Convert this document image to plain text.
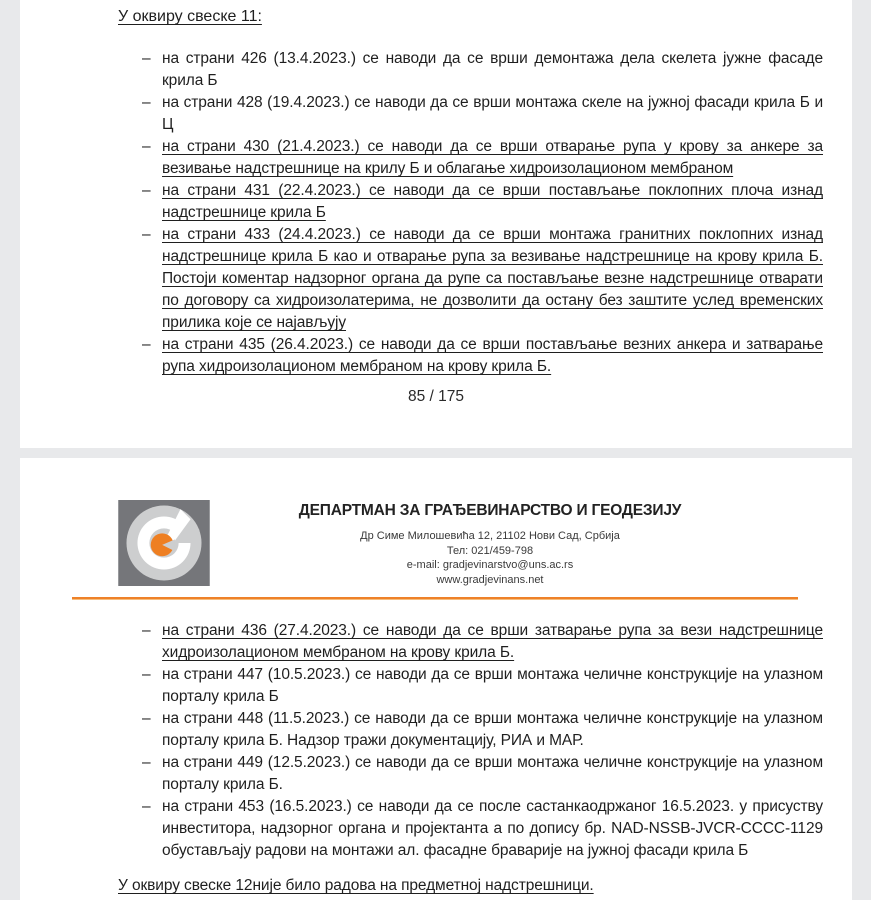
У оквиру свеске 11:
– на страни 426 (13.4.2023.) се наводи да се врши демонтажа дела скелета јужне фасаде крила Б
– на страни 428 (19.4.2023.) се наводи да се врши монтажа скеле на јужној фасади крила Б и Ц
– на страни 430 (21.4.2023.) се наводи да се врши отварање рупа у крову за анкере за везивање надстрешнице на крилу Б и облагање хидроизолационом мембраном
– на страни 431 (22.4.2023.) се наводи да се врши постављање поклопних плоча изнад надстрешнице крила Б
– на страни 433 (24.4.2023.) се наводи да се врши монтажа гранитних поклопних изнад надстрешнице крила Б као и отварање рупа за везивање надстрешнице на крову крила Б. Постоји коментар надзорног органа да рупе са постављање везне надстрешнице отварати по договору са хидроизолатерима, не дозволити да остану без заштите услед временских прилика које се најављују
– на страни 435 (26.4.2023.) се наводи да се врши постављање везних анкера и затварање рупа хидроизолационом мембраном на крову крила Б.
85 / 175
ДЕПАРТМАН ЗА ГРАЂЕВИНАРСТВО И ГЕОДЕЗИЈУ
Др Симе Милошевића 12, 21102 Нови Сад, Србија
Тел: 021/459-798
e-mail: gradjevinarstvo@uns.ac.rs
www.gradjevinans.net
– на страни 436 (27.4.2023.) се наводи да се врши затварање рупа за вези надстрешнице хидроизолационом мембраном на крову крила Б.
– на страни 447 (10.5.2023.) се наводи да се врши монтажа челичне конструкције на улазном порталу крила Б
– на страни 448 (11.5.2023.) се наводи да се врши монтажа челичне конструкције на улазном порталу крила Б. Надзор тражи документацију, РИА и МАР.
– на страни 449 (12.5.2023.) се наводи да се врши монтажа челичне конструкције на улазном порталу крила Б.
– на страни 453 (16.5.2023.) се наводи да се после састанкаодржаног 16.5.2023. у присуству инвеститора, надзорног органа и пројектанта а по допису бр. NAD-NSSB-JVCR-CCCC-1129 обустављају радови на монтажи ал. фасадне браварије на јужној фасади крила Б

У оквиру свеске 12није било радова на предметној надстрешници.
